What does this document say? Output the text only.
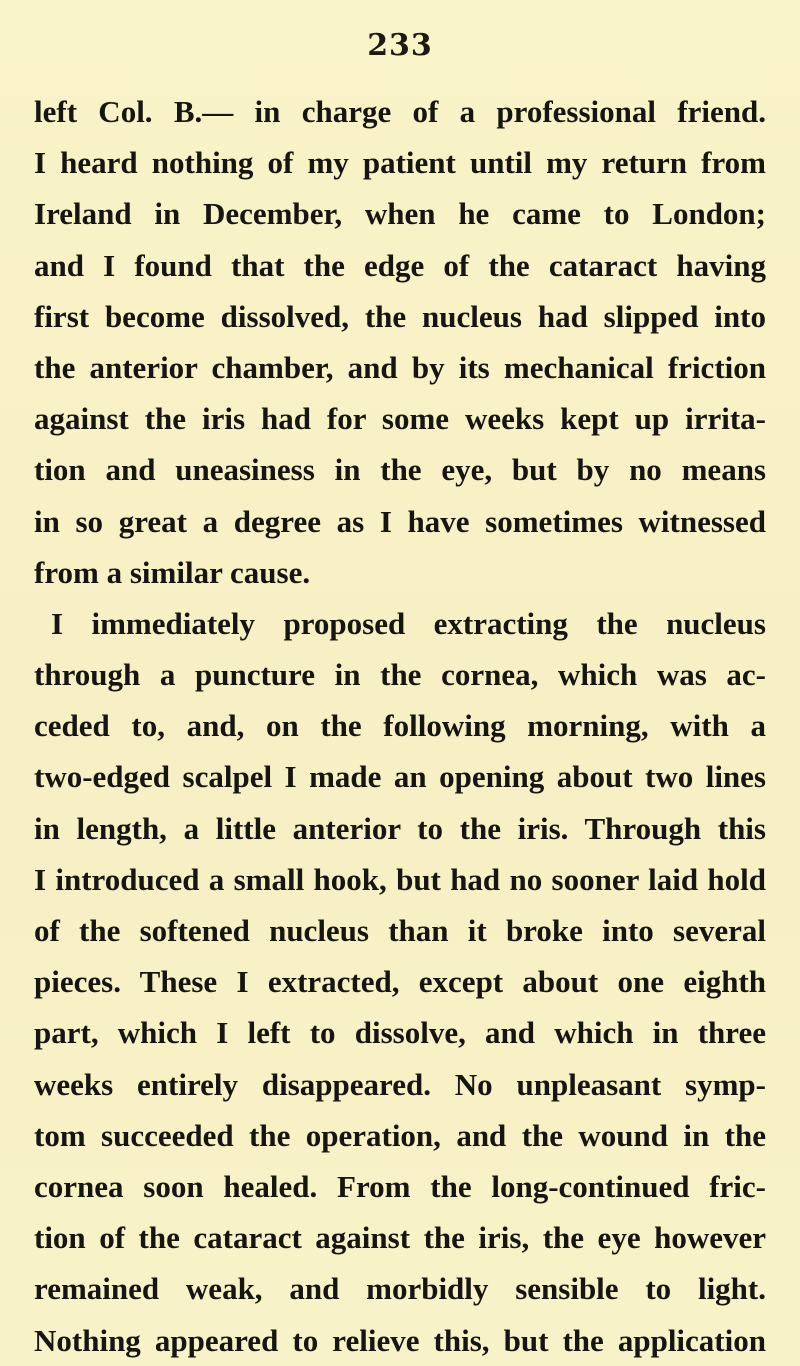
233
left Col. B.— in charge of a professional friend.
I heard nothing of my patient until my return from
Ireland in December, when he came to London;
and I found that the edge of the cataract having
first become dissolved, the nucleus had slipped into
the anterior chamber, and by its mechanical friction
against the iris had for some weeks kept up irrita-
tion and uneasiness in the eye, but by no means
in so great a degree as I have sometimes witnessed
from a similar cause.
I immediately proposed extracting the nucleus
through a puncture in the cornea, which was ac-
ceded to, and, on the following morning, with a
two-edged scalpel I made an opening about two lines
in length, a little anterior to the iris. Through this
I introduced a small hook, but had no sooner laid hold
of the softened nucleus than it broke into several
pieces. These I extracted, except about one eighth
part, which I left to dissolve, and which in three
weeks entirely disappeared. No unpleasant symp-
tom succeeded the operation, and the wound in the
cornea soon healed. From the long-continued fric-
tion of the cataract against the iris, the eye however
remained weak, and morbidly sensible to light.
Nothing appeared to relieve this, but the application
